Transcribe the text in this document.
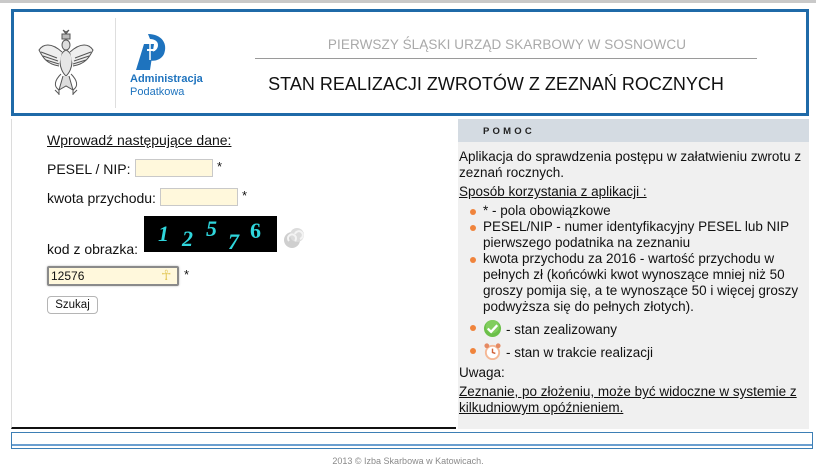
Administracja
Podatkowa
PIERWSZY ŚLĄSKI URZĄD SKARBOWY W SOSNOWCU
STAN REALIZACJI ZWROTÓW Z ZEZNAŃ ROCZNYCH
Wprowadź następujące dane:
PESEL / NIP:	*
kwota przychodu:	*
kod z obrazka:
1 2 5
7 6
12576
☥ *
Szukaj
POMOC

Aplikacja do sprawdzenia postępu w załatwieniu zwrotu z zeznań rocznych.

Sposób korzystania z aplikacji :

* - pola obowiązkowe
PESEL/NIP - numer identyfikacyjny PESEL lub NIP pierwszego podatnika na zeznaniu
kwota przychodu za 2016 - wartość przychodu w pełnych zł (końcówki kwot wynoszące mniej niż 50 groszy pomija się, a te wynoszące 50 i więcej groszy podwyższa się do pełnych złotych).
- stan zealizowany
- stan w trakcie realizacji

Uwaga:

Zeznanie, po złożeniu, może być widoczne w systemie z kilkudniowym opóźnieniem.
2013 © Izba Skarbowa w Katowicach.
